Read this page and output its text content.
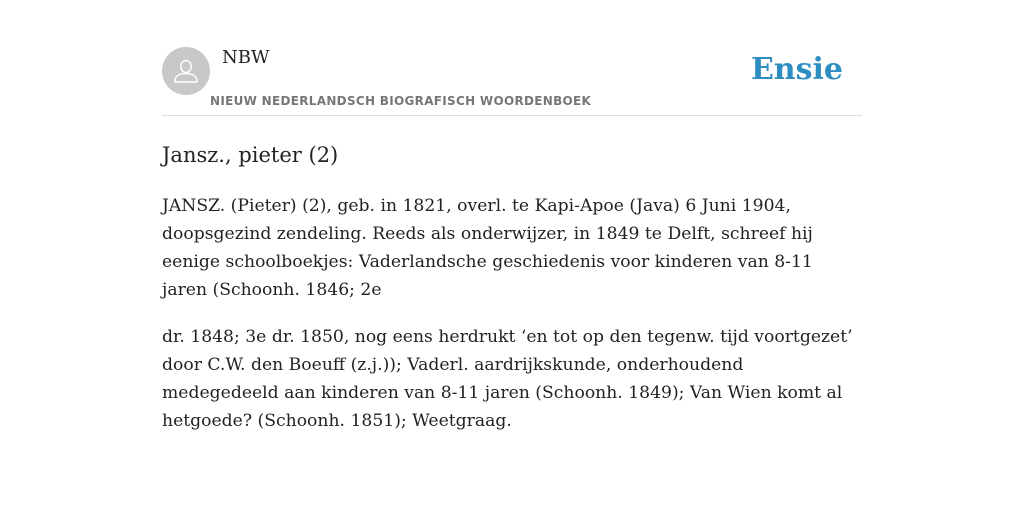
NBW
NIEUW NEDERLANDSCH BIOGRAFISCH WOORDENBOEK
Ensie
Jansz., pieter (2)

JANSZ. (Pieter) (2), geb. in 1821, overl. te Kapi-Apoe (Java) 6 Juni 1904, doopsgezind zendeling. Reeds als onderwijzer, in 1849 te Delft, schreef hij eenige schoolboekjes: Vaderlandsche geschiedenis voor kinderen van 8-11 jaren (Schoonh. 1846; 2e

dr. 1848; 3e dr. 1850, nog eens herdrukt ‘en tot op den tegenw. tijd voortgezet’ door C.W. den Boeuff (z.j.)); Vaderl. aardrijkskunde, onderhoudend medegedeeld aan kinderen van 8-11 jaren (Schoonh. 1849); Van Wien komt al hetgoede? (Schoonh. 1851); Weetgraag.
